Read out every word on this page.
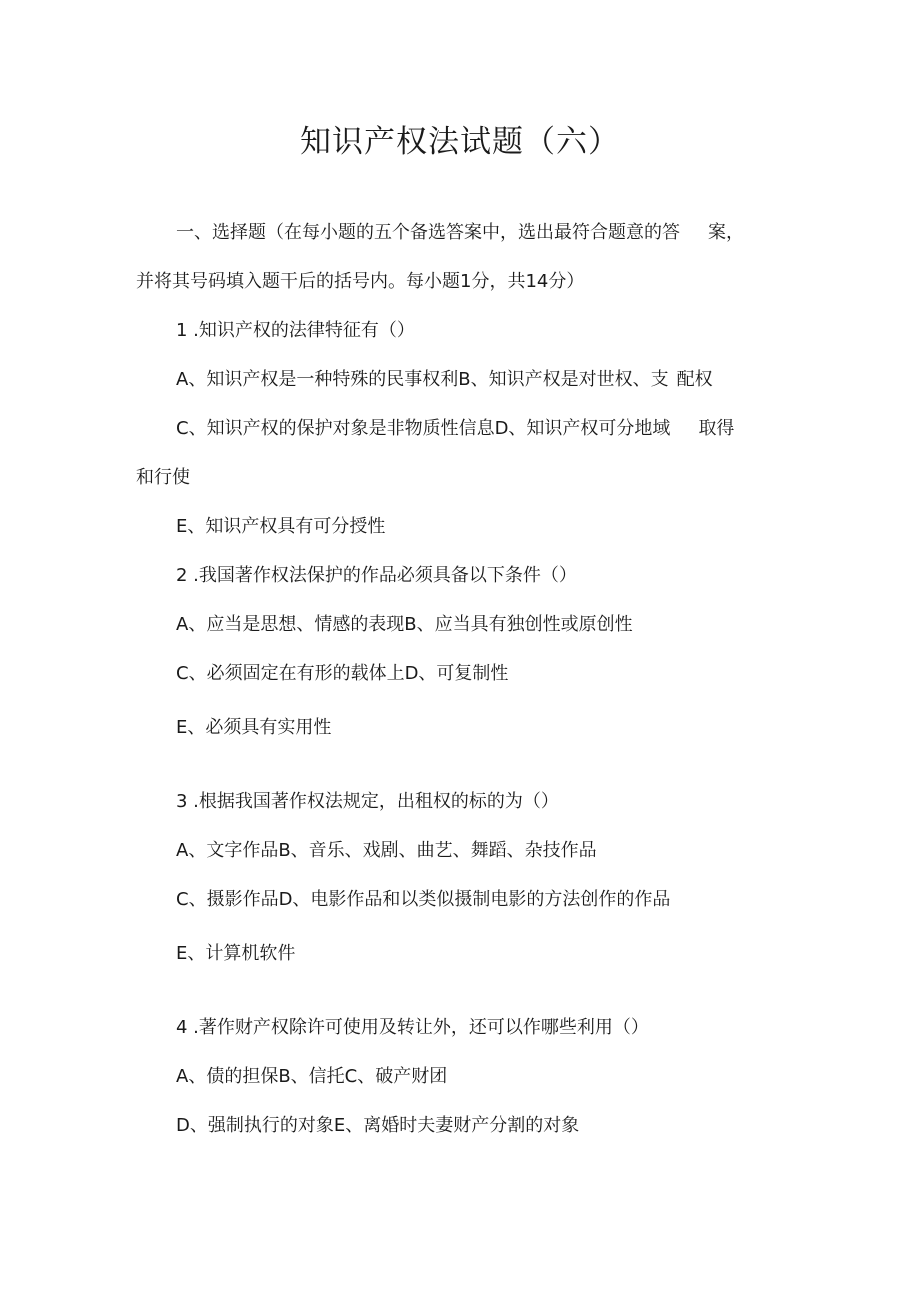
知识产权法试题（六）

一、选择题（在每小题的五个备选答案中，选出最符合题意的答 案，

并将其号码填入题干后的括号内。每小题1分，共14分）

1 .知识产权的法律特征有（）

A、知识产权是一种特殊的民事权利B、知识产权是对世权、支 配权

C、知识产权的保护对象是非物质性信息D、知识产权可分地域 取得

和行使

E、知识产权具有可分授性

2 .我国著作权法保护的作品必须具备以下条件（）

A、应当是思想、情感的表现B、应当具有独创性或原创性

C、必须固定在有形的载体上D、可复制性

E、必须具有实用性

3 .根据我国著作权法规定，出租权的标的为（）

A、文字作品B、音乐、戏剧、曲艺、舞蹈、杂技作品

C、摄影作品D、电影作品和以类似摄制电影的方法创作的作品

E、计算机软件

4 .著作财产权除许可使用及转让外，还可以作哪些利用（）

A、债的担保B、信托C、破产财团

D、强制执行的对象E、离婚时夫妻财产分割的对象
